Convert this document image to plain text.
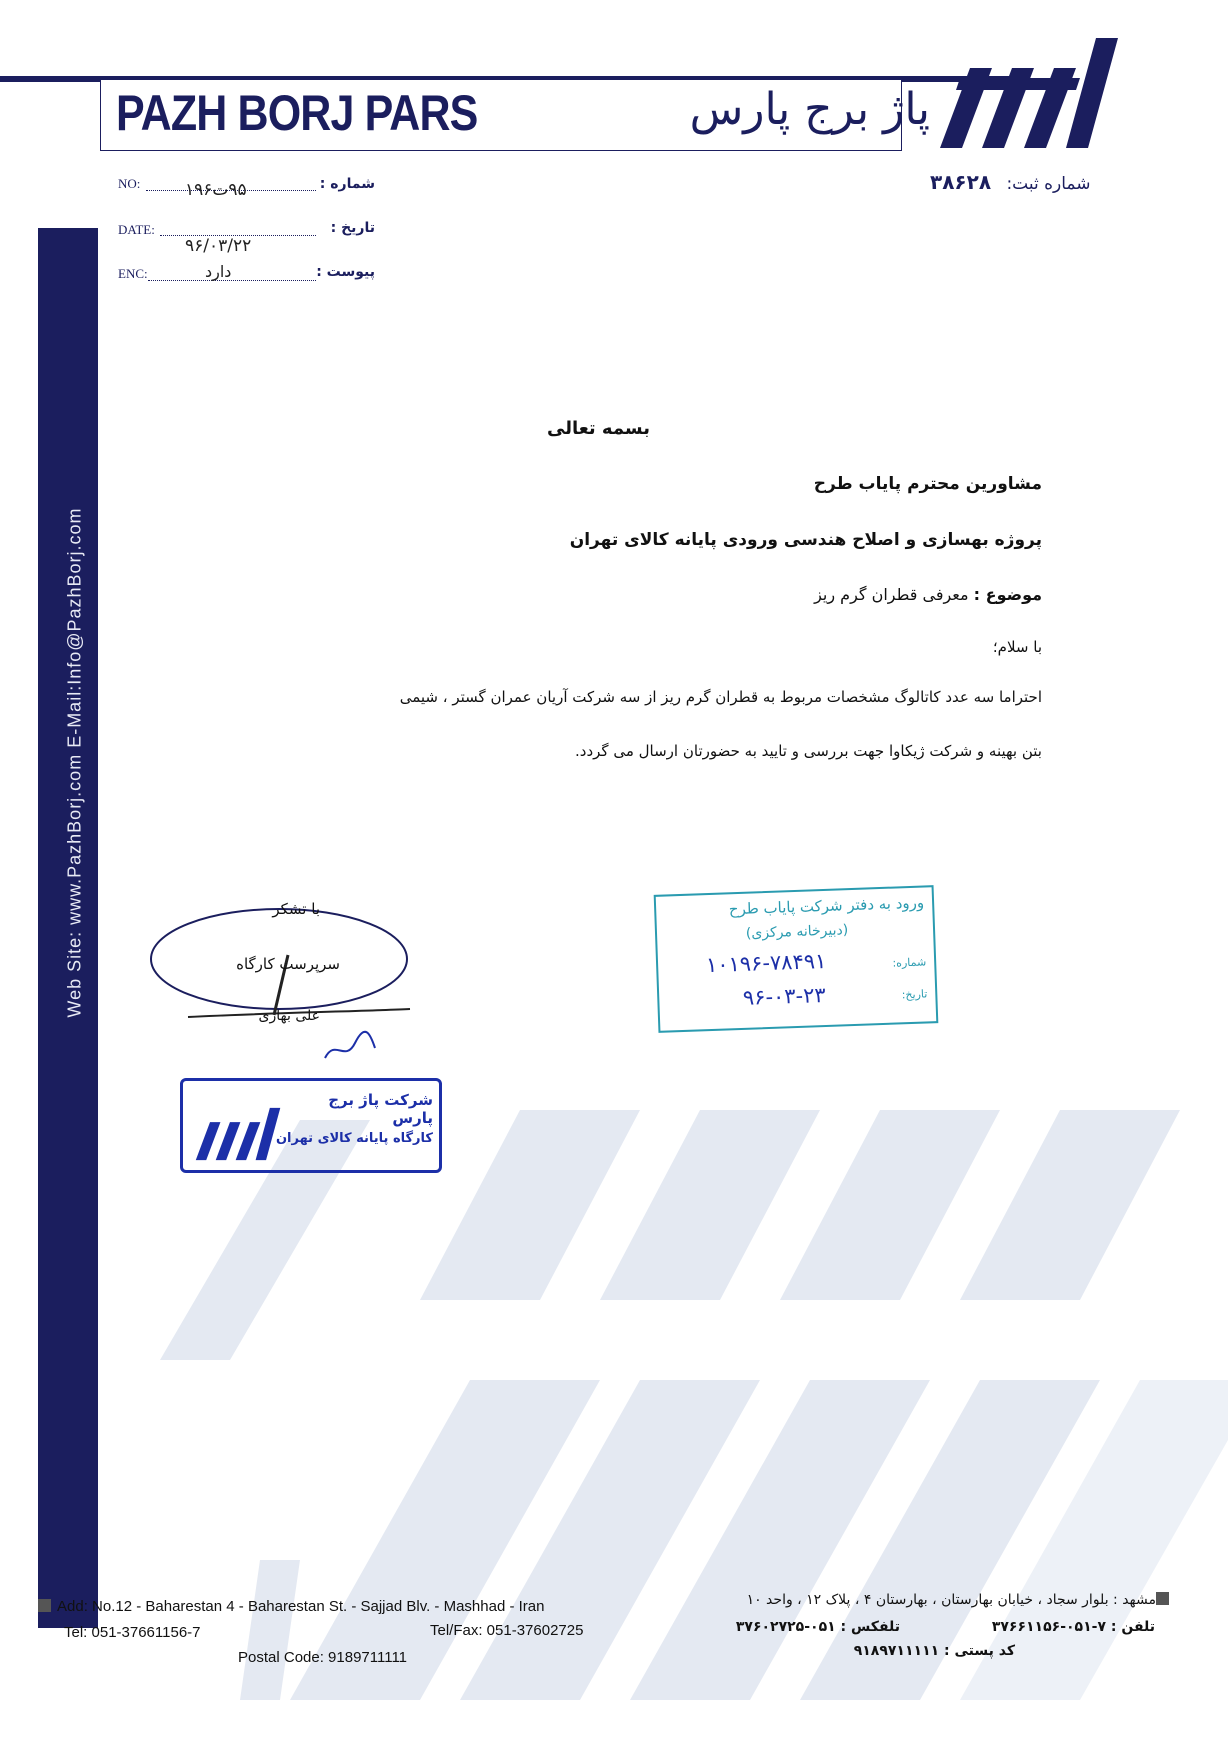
PAZH BORJ PARS	پاژ برج پارس
شماره ثبت: ۳۸۶۲۸
NO:	شماره :
۹۵ت۱۹۶
DATE:	تاریخ :
۹۶/۰۳/۲۲
ENC:	پیوست :
دارد
Web Site: www.PazhBorj.com E-Mail:Info@PazhBorj.com
بسمه تعالی
مشاورین محترم پایاب طرح
پروژه بهسازی و اصلاح هندسی ورودی پایانه کالای تهران
موضوع : معرفی قطران گرم ریز
با سلام؛
احتراما سه عدد کاتالوگ مشخصات مربوط به قطران گرم ریز از سه شرکت آریان عمران گستر ، شیمی
بتن بهینه و شرکت ژیکاوا جهت بررسی و تایید به حضورتان ارسال می گردد.
با تشکر
سرپرست کارگاه
علی بهاری
شرکت پاژ برج پارس
کارگاه پایانه کالای تهران
ورود به دفتر شرکت پایاب طرح
(دبیرخانه مرکزی)
شماره:
۱۰۱۹۶-۷۸۴۹۱
تاریخ:
۹۶-۰۳-۲۳
Add: No.12 - Baharestan 4 - Baharestan St. - Sajjad Blv. - Mashhad - Iran
Tel: 051-37661156-7	Tel/Fax: 051-37602725
Postal Code: 9189711111
مشهد : بلوار سجاد ، خیابان بهارستان ، بهارستان ۴ ، پلاک ۱۲ ، واحد ۱۰
تلفن : ۷-۰۵۱-۳۷۶۶۱۱۵۶
تلفکس : ۰۵۱-۳۷۶۰۲۷۲۵
کد پستی : ۹۱۸۹۷۱۱۱۱۱
